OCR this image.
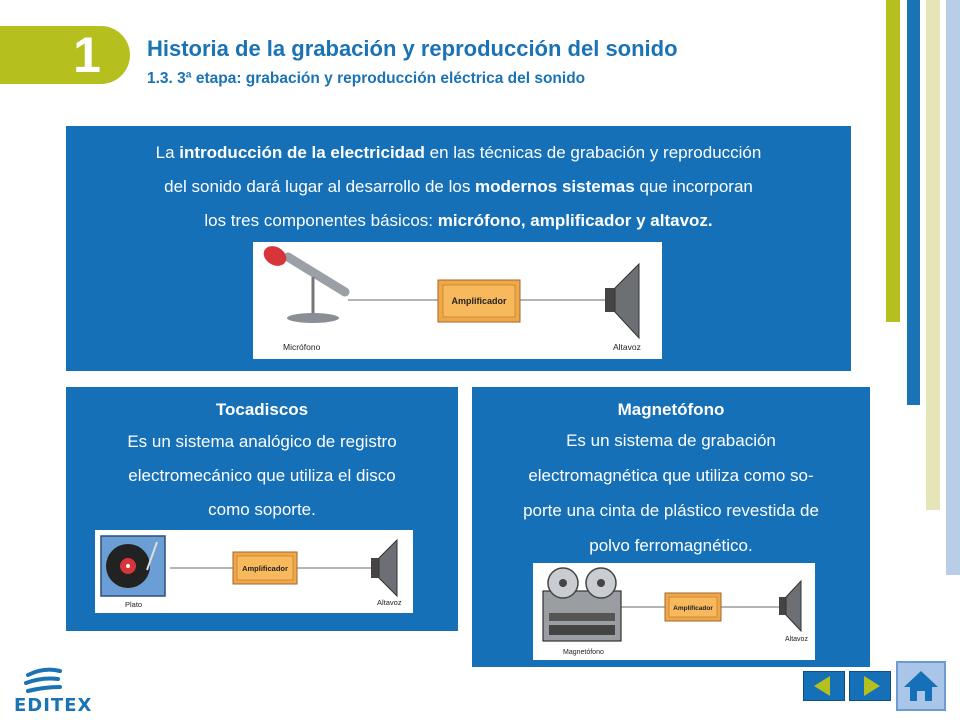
1	Historia de la grabación y reproducción del sonido
1.3. 3ª etapa: grabación y reproducción eléctrica del sonido
La introducción de la electricidad en las técnicas de grabación y reproducción
del sonido dará lugar al desarrollo de los modernos sistemas que incorporan
los tres componentes básicos: micrófono, amplificador y altavoz.
Amplificador
Micrófono	Altavoz
Tocadiscos
Es un sistema analógico de registro
electromecánico que utiliza el disco
como soporte.
Amplificador
Plato	Altavoz
Magnetófono
Es un sistema de grabación
electromagnética que utiliza como so-
porte una cinta de plástico revestida de
polvo ferromagnético.
Amplificador
Magnetófono
Altavoz
EDITEX
